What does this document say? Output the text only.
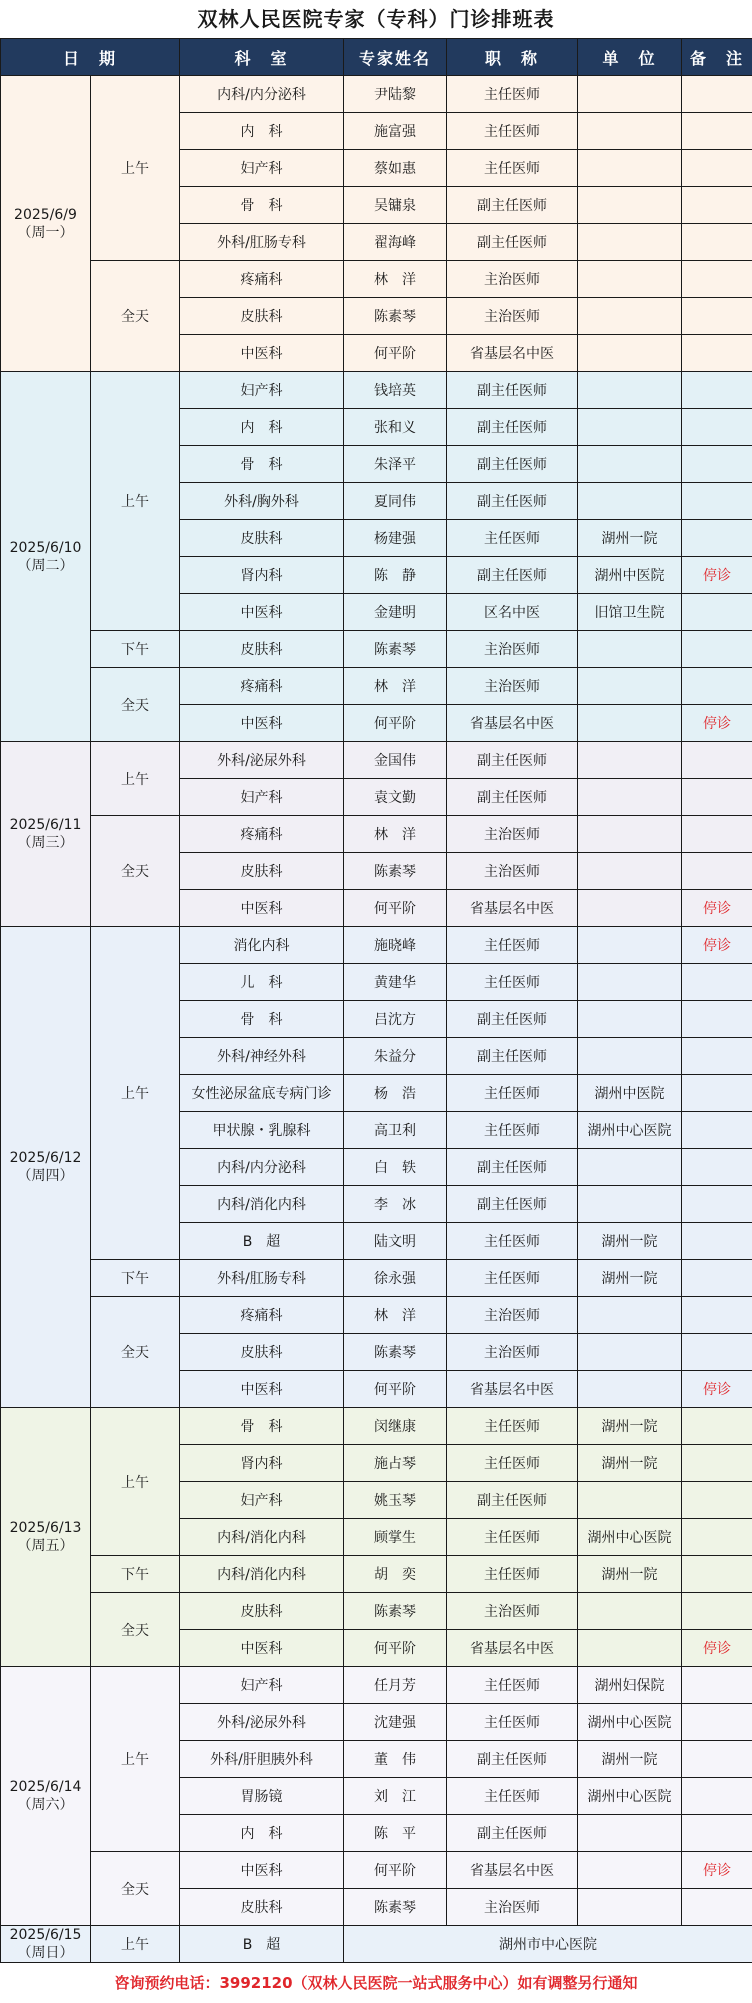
双林人民医院专家（专科）门诊排班表
日　期		科　室	专家姓名	职　称	单　位	备　注

2025/6/9
（周一）	上午	内科/内分泌科	尹陆黎	主任医师		
		内　科	施富强	主任医师		
		妇产科	蔡如惠	主任医师		
		骨　科	吴镛泉	副主任医师		
		外科/肛肠专科	翟海峰	副主任医师		
	全天	疼痛科	林　洋	主治医师		
		皮肤科	陈素琴	主治医师		
		中医科	何平阶	省基层名中医		

2025/6/10
（周二）	上午	妇产科	钱培英	副主任医师		
		内　科	张和义	副主任医师		
		骨　科	朱泽平	副主任医师		
		外科/胸外科	夏同伟	副主任医师		
		皮肤科	杨建强	主任医师	湖州一院	
		肾内科	陈　静	副主任医师	湖州中医院	停诊
		中医科	金建明	区名中医	旧馆卫生院	
	下午	皮肤科	陈素琴	主治医师		
	全天	疼痛科	林　洋	主治医师		
		中医科	何平阶	省基层名中医		停诊

2025/6/11
（周三）	上午	外科/泌尿外科	金国伟	副主任医师		
		妇产科	袁文勤	副主任医师		
	全天	疼痛科	林　洋	主治医师		
		皮肤科	陈素琴	主治医师		
		中医科	何平阶	省基层名中医		停诊

2025/6/12
（周四）	上午	消化内科	施晓峰	主任医师		停诊
		儿　科	黄建华	主任医师		
		骨　科	吕沈方	副主任医师		
		外科/神经外科	朱益分	副主任医师		
		女性泌尿盆底专病门诊	杨　浩	主任医师	湖州中医院	
		甲状腺・乳腺科	高卫利	主任医师	湖州中心医院	
		内科/内分泌科	白　轶	副主任医师		
		内科/消化内科	李　冰	副主任医师		
		B　超	陆文明	主任医师	湖州一院	
	下午	外科/肛肠专科	徐永强	主任医师	湖州一院	
	全天	疼痛科	林　洋	主治医师		
		皮肤科	陈素琴	主治医师		
		中医科	何平阶	省基层名中医		停诊

2025/6/13
（周五）	上午	骨　科	闵继康	主任医师	湖州一院	
		肾内科	施占琴	主任医师	湖州一院	
		妇产科	姚玉琴	副主任医师		
		内科/消化内科	顾掌生	主任医师	湖州中心医院	
	下午	内科/消化内科	胡　奕	主任医师	湖州一院	
	全天	皮肤科	陈素琴	主治医师		
		中医科	何平阶	省基层名中医		停诊

2025/6/14
（周六）	上午	妇产科	任月芳	主任医师	湖州妇保院	
		外科/泌尿外科	沈建强	主任医师	湖州中心医院	
		外科/肝胆胰外科	董　伟	副主任医师	湖州一院	
		胃肠镜	刘　江	主任医师	湖州中心医院	
		内　科	陈　平	副主任医师		
	全天	中医科	何平阶	省基层名中医		停诊
		皮肤科	陈素琴	主治医师		

2025/6/15
（周日）	上午	B　超	湖州市中心医院			
咨询预约电话：3992120（双林人民医院一站式服务中心）如有调整另行通知
